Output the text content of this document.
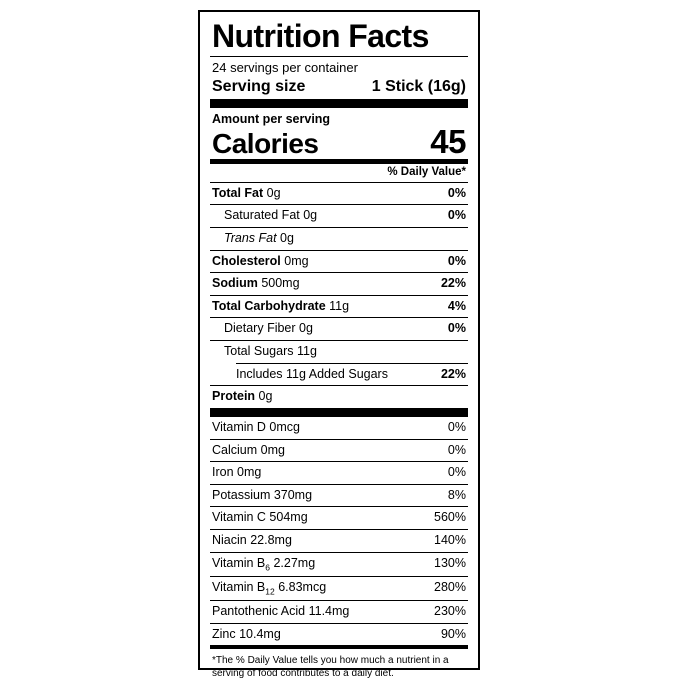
Nutrition Facts
24 servings per container
Serving size	1 Stick (16g)
Amount per serving
Calories	45
% Daily Value*
Total Fat 0g	0%
Saturated Fat 0g	0%
Trans Fat 0g
Cholesterol 0mg	0%
Sodium 500mg	22%
Total Carbohydrate 11g	4%
Dietary Fiber 0g	0%
Total Sugars 11g
Includes 11g Added Sugars	22%
Protein 0g
Vitamin D 0mcg	0%
Calcium 0mg	0%
Iron 0mg	0%
Potassium 370mg	8%
Vitamin C 504mg	560%
Niacin 22.8mg	140%
Vitamin $B_6$ 2.27mg	130%
Vitamin $B_{12}$ 6.83mcg	280%
Pantothenic Acid 11.4mg	230%
Zinc 10.4mg	90%
*The % Daily Value tells you how much a nutrient in a serving of food contributes to a daily diet.
